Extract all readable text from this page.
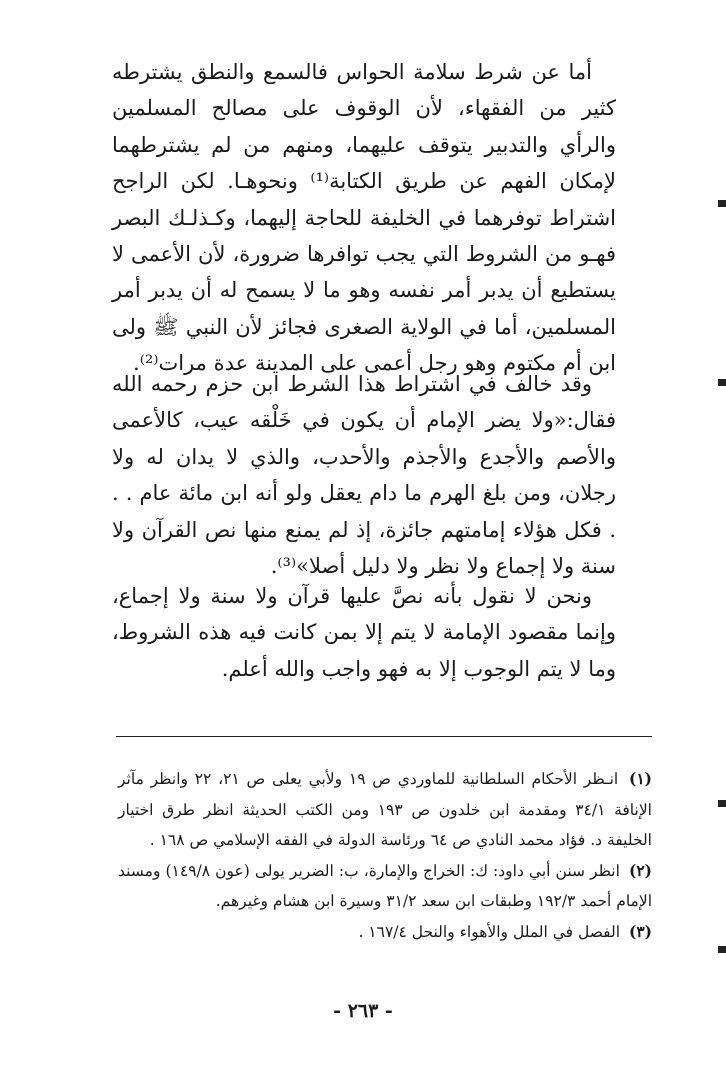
أما عن شرط سلامة الحواس فالسمع والنطق يشترطه كثير من الفقهاء، لأن الوقوف على مصالح المسلمين والرأي والتدبير يتوقف عليهما، ومنهم من لم يشترطهما لإمكان الفهم عن طريق الكتابة⁽¹⁾ ونحوهـا. لكن الراجح اشتراط توفرهما في الخليفة للحاجة إليهما، وكـذلـك البصر فهـو من الشروط التي يجب توافرها ضرورة، لأن الأعمى لا يستطيع أن يدبر أمر نفسه وهو ما لا يسمح له أن يدبر أمر المسلمين، أما في الولاية الصغرى فجائز لأن النبي ﷺ ولى ابن أم مكتوم وهو رجل أعمى على المدينة عدة مرات⁽²⁾.

وقد خالف في اشتراط هذا الشرط ابن حزم رحمه الله فقال:«ولا يضر الإمام أن يكون في خَلْقه عيب، كالأعمى والأصم والأجدع والأجذم والأحدب، والذي لا يدان له ولا رجلان، ومن بلغ الهرم ما دام يعقل ولو أنه ابن مائة عام . . . فكل هؤلاء إمامتهم جائزة، إذ لم يمنع منها نص القرآن ولا سنة ولا إجماع ولا نظر ولا دليل أصلا»⁽³⁾.

ونحن لا نقول بأنه نصَّ عليها قرآن ولا سنة ولا إجماع، وإنما مقصود الإمامة لا يتم إلا بمن كانت فيه هذه الشروط، وما لا يتم الوجوب إلا به فهو واجب والله أعلم.

(١) انـظر الأحكام السلطانية للماوردي ص ١٩ ولأبي يعلى ص ٢١، ٢٢ وانظر مآثر الإنافة ٣٤/١ ومقدمة ابن خلدون ص ١٩٣ ومن الكتب الحديثة انظر طرق اختيار الخليفة د. فؤاد محمد النادي ص ٦٤ ورئاسة الدولة في الفقه الإسلامي ص ١٦٨ .

(٢) انظر سنن أبي داود: ك: الخراج والإمارة، ب: الضرير يولى (عون ١٤٩/٨) ومسند الإمام أحمد ١٩٢/٣ وطبقات ابن سعد ٣١/٢ وسيرة ابن هشام وغيرهم.

(٣) الفصل في الملل والأهواء والنحل ١٦٧/٤ .

- ٢٦٣ -
